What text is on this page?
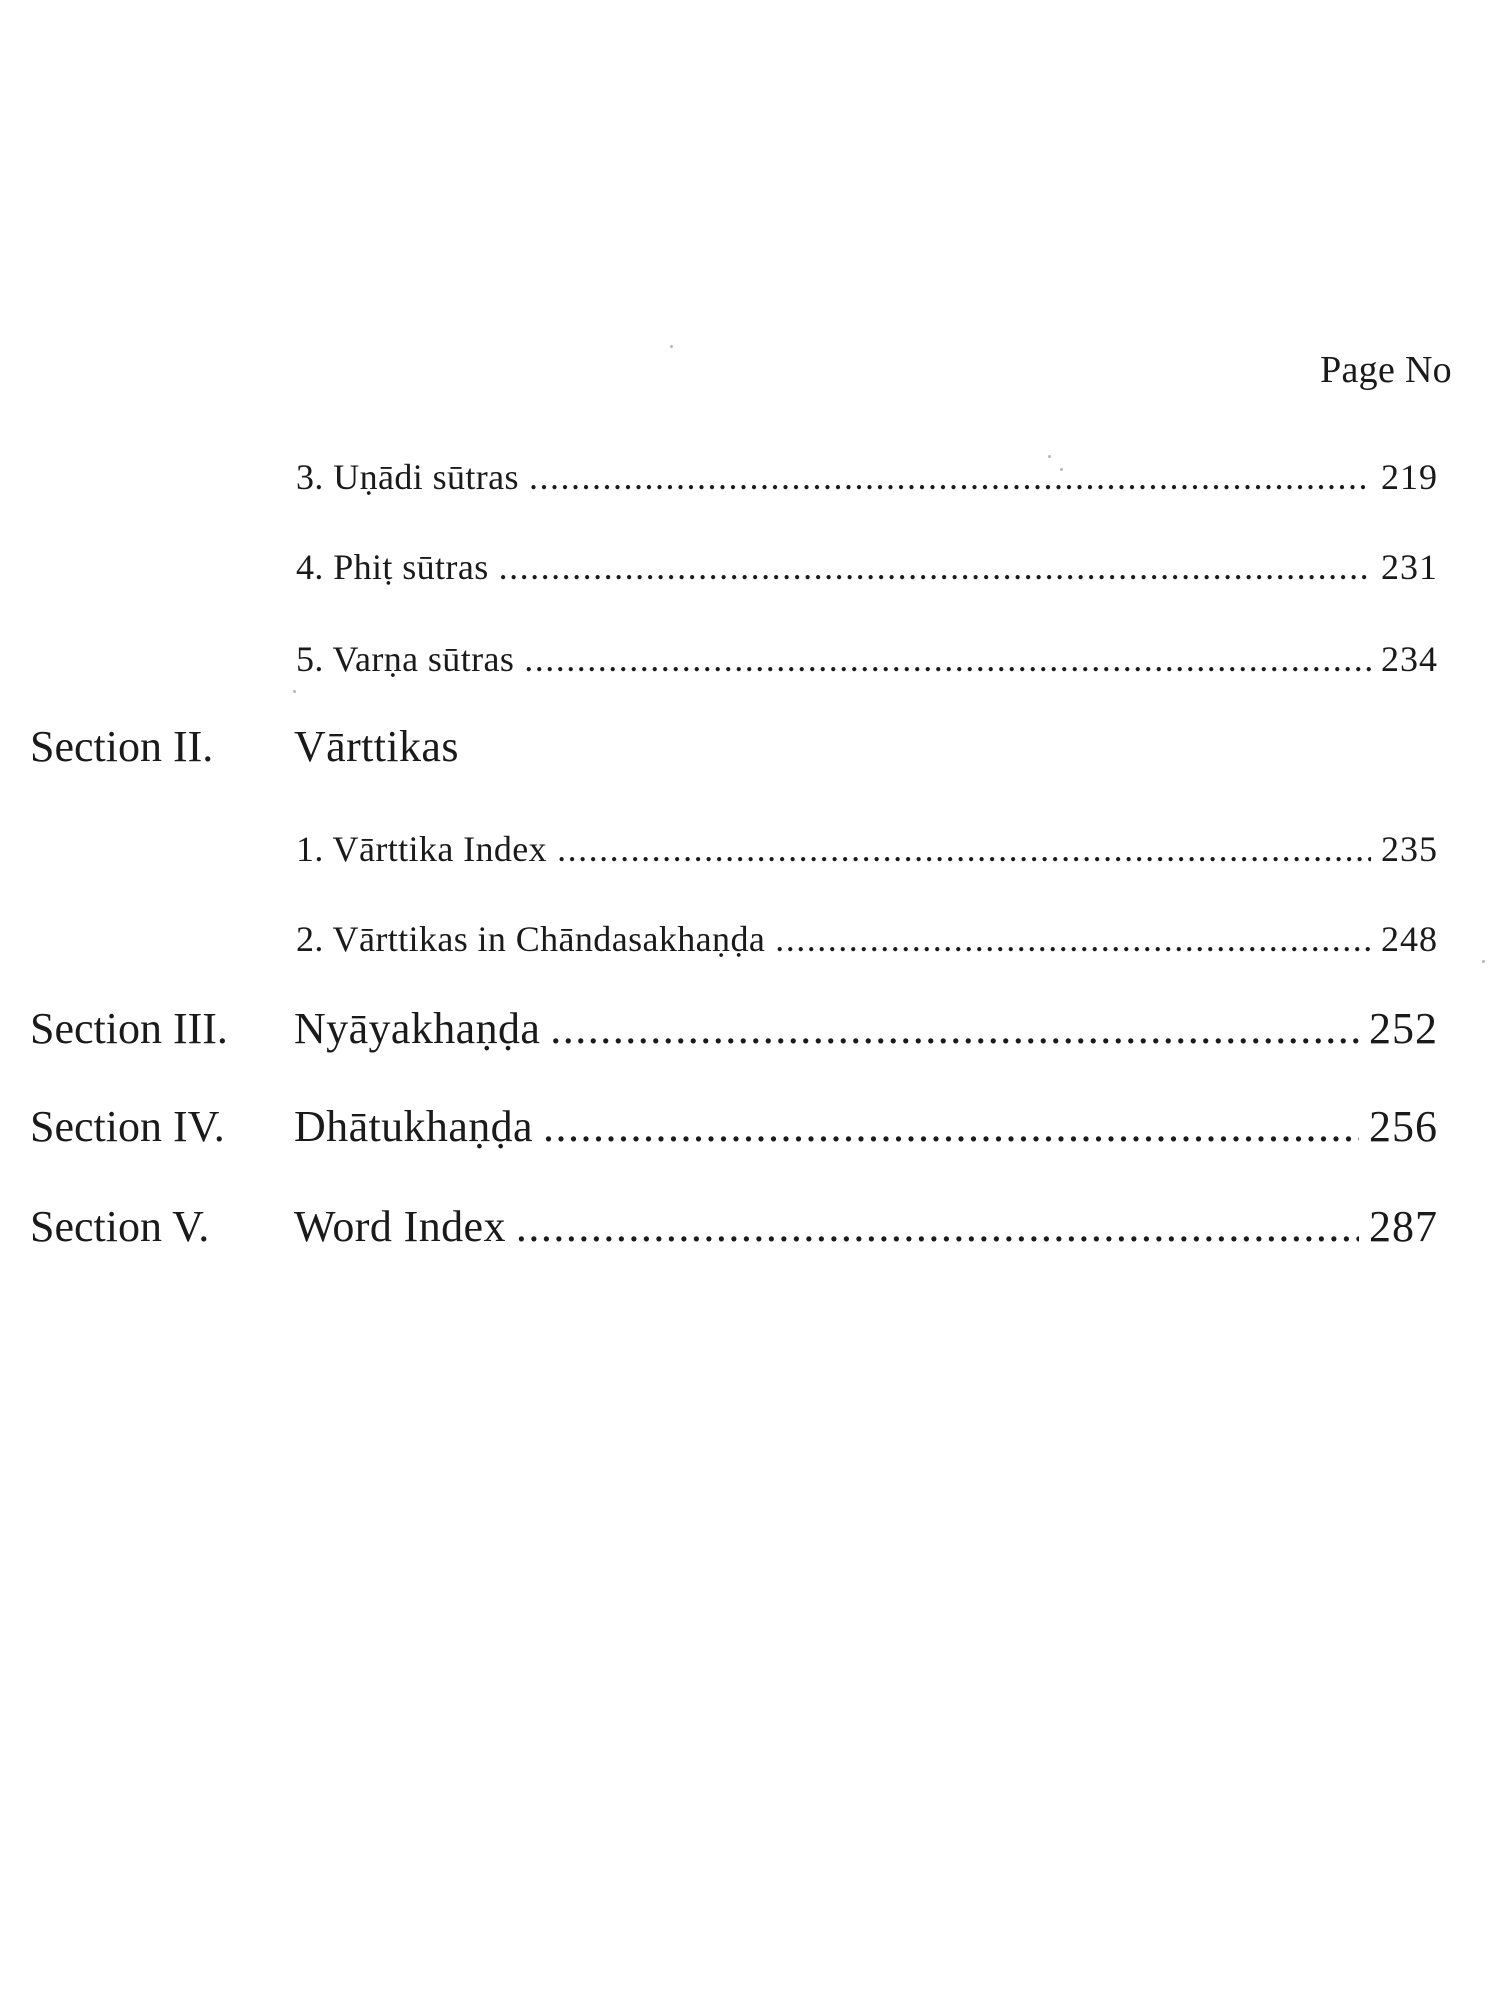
Page No
3. Uṇādi sūtras .....	219
4. Phiṭ sūtras .....	231
5. Varṇa sūtras .....	234
Section II. Vārttikas
1. Vārttika Index .....	235
2. Vārttikas in Chāndasakhaṇḍa .....	248
Section III. Nyāyakhaṇḍa .....	252
Section IV. Dhātukhaṇḍa .....	256
Section V. Word Index .....	287
